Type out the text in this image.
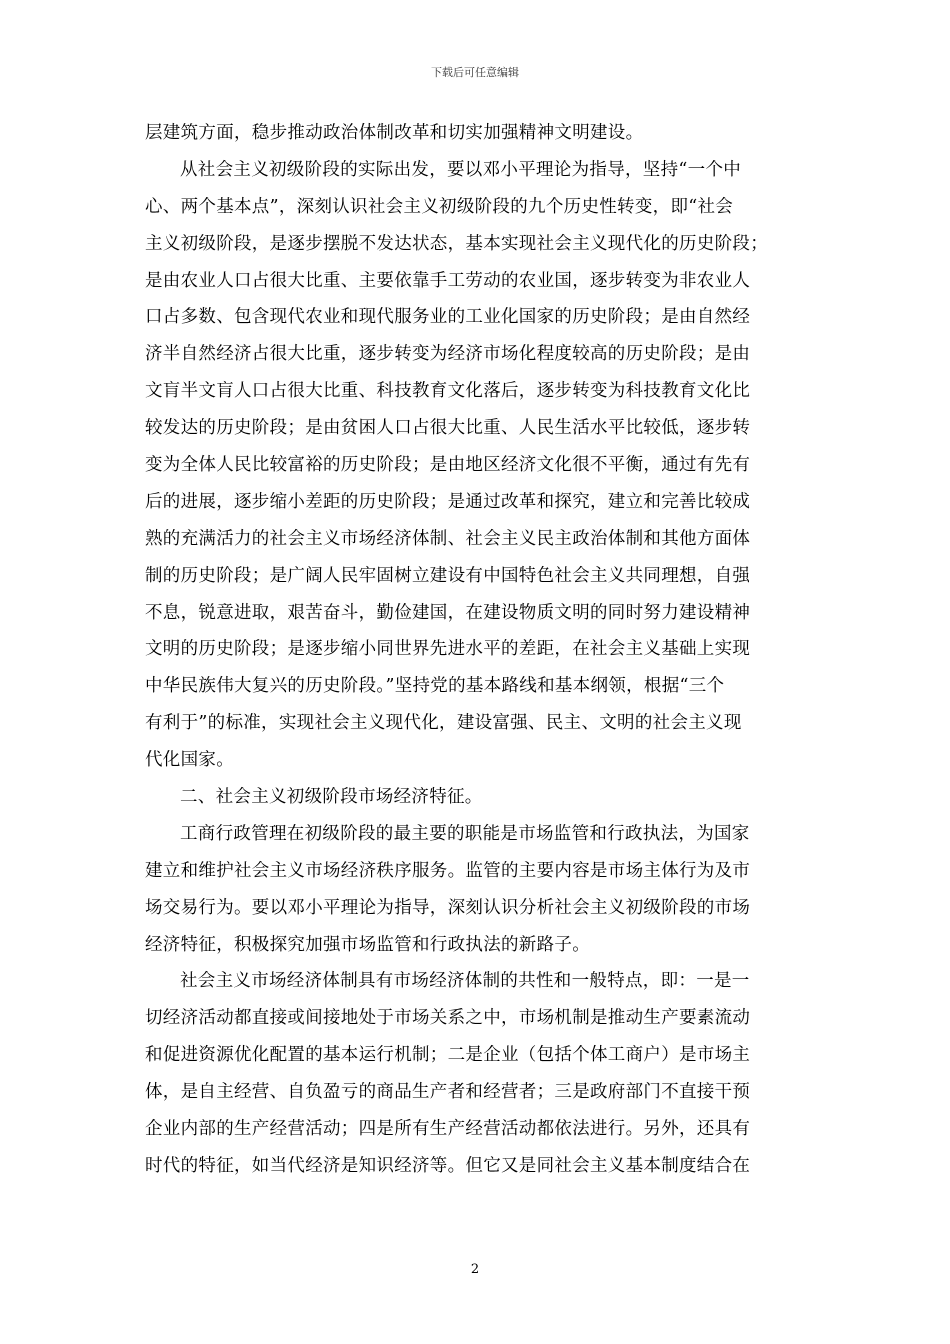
下载后可任意编辑
层建筑方面，稳步推动政治体制改革和切实加强精神文明建设。
从社会主义初级阶段的实际出发，要以邓小平理论为指导，坚持“一个中
心、两个基本点”，深刻认识社会主义初级阶段的九个历史性转变，即“社会
主义初级阶段，是逐步摆脱不发达状态，基本实现社会主义现代化的历史阶段；
是由农业人口占很大比重、主要依靠手工劳动的农业国，逐步转变为非农业人
口占多数、包含现代农业和现代服务业的工业化国家的历史阶段；是由自然经
济半自然经济占很大比重，逐步转变为经济市场化程度较高的历史阶段；是由
文肓半文肓人口占很大比重、科技教育文化落后，逐步转变为科技教育文化比
较发达的历史阶段；是由贫困人口占很大比重、人民生活水平比较低，逐步转
变为全体人民比较富裕的历史阶段；是由地区经济文化很不平衡，通过有先有
后的进展，逐步缩小差距的历史阶段；是通过改革和探究，建立和完善比较成
熟的充满活力的社会主义市场经济体制、社会主义民主政治体制和其他方面体
制的历史阶段；是广阔人民牢固树立建设有中国特色社会主义共同理想，自强
不息，锐意进取，艰苦奋斗，勤俭建国，在建设物质文明的同时努力建设精神
文明的历史阶段；是逐步缩小同世界先进水平的差距，在社会主义基础上实现
中华民族伟大复兴的历史阶段。”坚持党的基本路线和基本纲领，根据“三个
有利于”的标准，实现社会主义现代化，建设富强、民主、文明的社会主义现
代化国家。
二、社会主义初级阶段市场经济特征。
工商行政管理在初级阶段的最主要的职能是市场监管和行政执法，为国家
建立和维护社会主义市场经济秩序服务。监管的主要内容是市场主体行为及市
场交易行为。要以邓小平理论为指导，深刻认识分析社会主义初级阶段的市场
经济特征，积极探究加强市场监管和行政执法的新路子。
社会主义市场经济体制具有市场经济体制的共性和一般特点，即：一是一
切经济活动都直接或间接地处于市场关系之中，市场机制是推动生产要素流动
和促进资源优化配置的基本运行机制；二是企业（包括个体工商户）是市场主
体，是自主经营、自负盈亏的商品生产者和经营者；三是政府部门不直接干预
企业内部的生产经营活动；四是所有生产经营活动都依法进行。另外，还具有
时代的特征，如当代经济是知识经济等。但它又是同社会主义基本制度结合在
2
